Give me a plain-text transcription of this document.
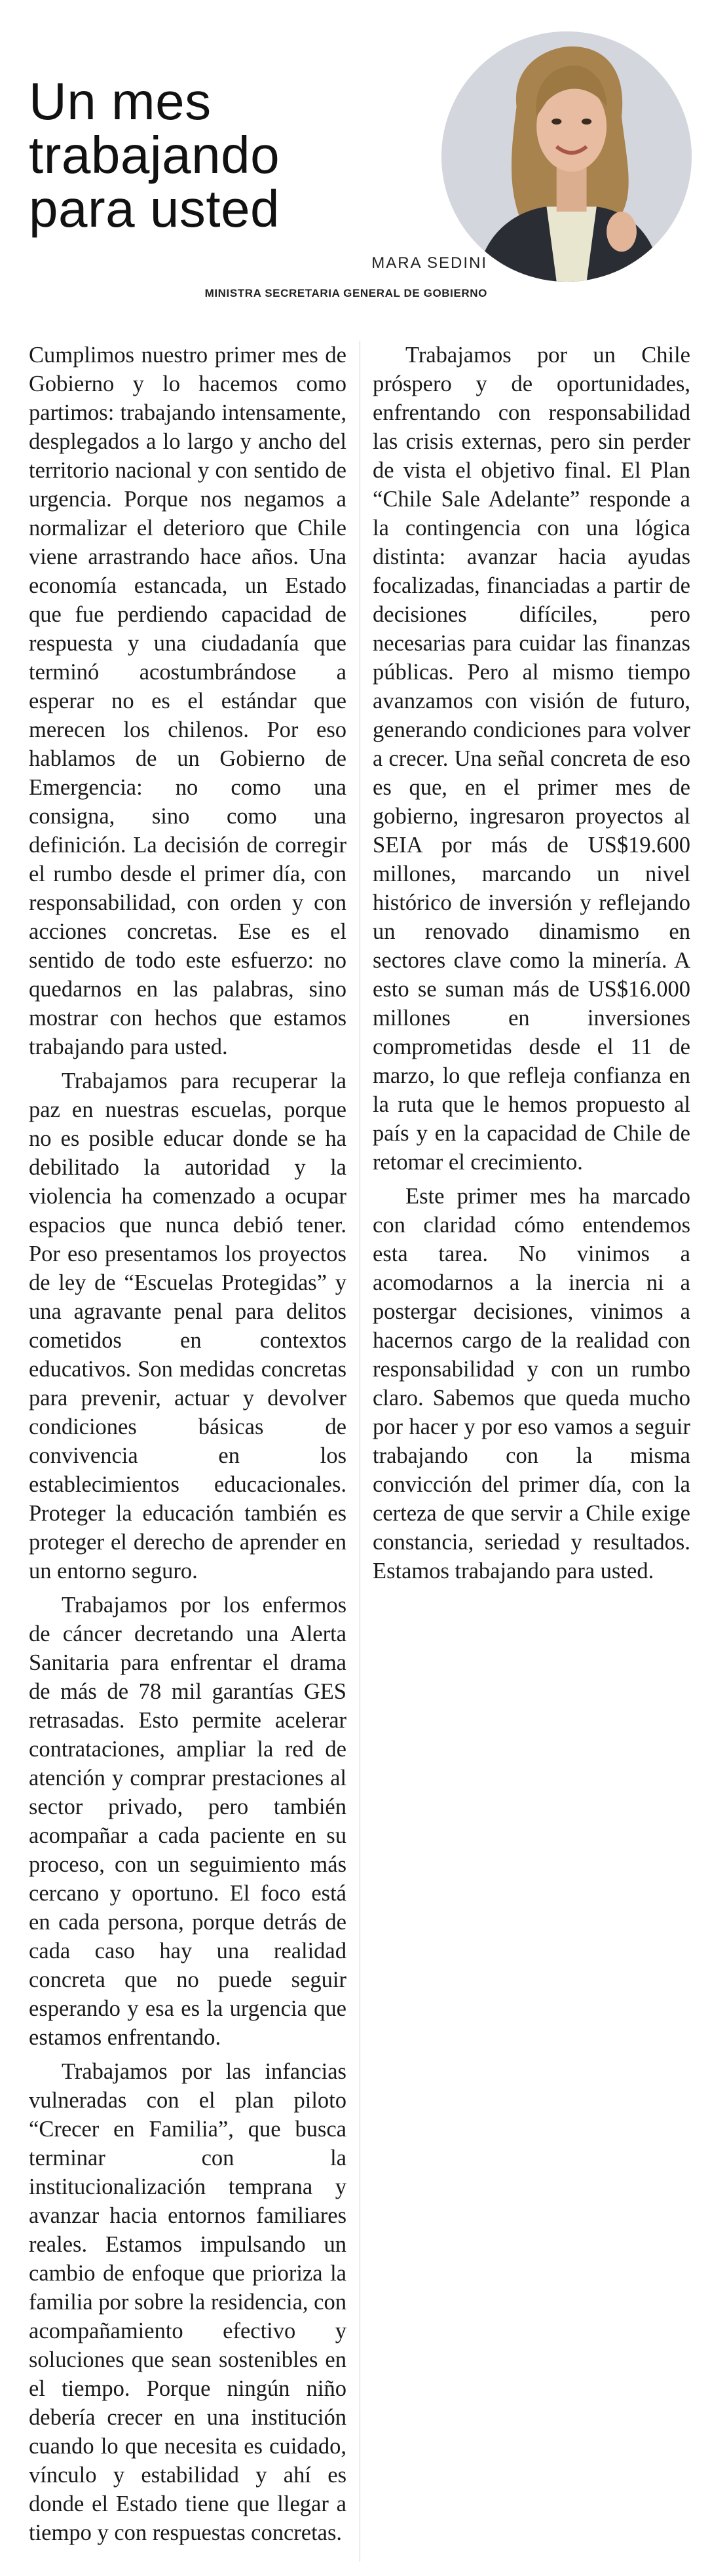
Un mes
trabajando
para usted
MARA SEDINI
MINISTRA SECRETARIA GENERAL DE GOBIERNO

Cumplimos nuestro primer mes de Gobierno y lo hacemos como partimos: trabajando intensamente, desplegados a lo largo y ancho del territorio nacional y con sentido de urgencia. Porque nos negamos a normalizar el deterioro que Chile viene arrastrando hace años. Una economía estancada, un Estado que fue perdiendo capacidad de respuesta y una ciudadanía que terminó acostumbrándose a esperar no es el estándar que merecen los chilenos. Por eso hablamos de un Gobierno de Emergencia: no como una consigna, sino como una definición. La decisión de corregir el rumbo desde el primer día, con responsabilidad, con orden y con acciones concretas. Ese es el sentido de todo este esfuerzo: no quedarnos en las palabras, sino mostrar con hechos que estamos trabajando para usted.

Trabajamos para recuperar la paz en nuestras escuelas, porque no es posible educar donde se ha debilitado la autoridad y la violencia ha comenzado a ocupar espacios que nunca debió tener. Por eso presentamos los proyectos de ley de “Escuelas Protegidas” y una agravante penal para delitos cometidos en contextos educativos. Son medidas concretas para prevenir, actuar y devolver condiciones básicas de convivencia en los establecimientos educacionales. Proteger la educación también es proteger el derecho de aprender en un entorno seguro.

Trabajamos por los enfermos de cáncer decretando una Alerta Sanitaria para enfrentar el drama de más de 78 mil garantías GES retrasadas. Esto permite acelerar contrataciones, ampliar la red de atención y comprar prestaciones al sector privado, pero también acompañar a cada paciente en su proceso, con un seguimiento más cercano y oportuno. El foco está en cada persona, porque detrás de cada caso hay una realidad concreta que no puede seguir esperando y esa es la urgencia que estamos enfrentando.

Trabajamos por las infancias vulneradas con el plan piloto “Crecer en Familia”, que busca terminar con la institucionalización temprana y avanzar hacia entornos familiares reales. Estamos impulsando un cambio de enfoque que prioriza la familia por sobre la residencia, con acompañamiento efectivo y soluciones que sean sostenibles en el tiempo. Porque ningún niño debería crecer en una institución cuando lo que necesita es cuidado, vínculo y estabilidad y ahí es donde el Estado tiene que llegar a tiempo y con respuestas concretas.

Trabajamos por un Chile próspero y de oportunidades, enfrentando con responsabilidad las crisis externas, pero sin perder de vista el objetivo final. El Plan “Chile Sale Adelante” responde a la contingencia con una lógica distinta: avanzar hacia ayudas focalizadas, financiadas a partir de decisiones difíciles, pero necesarias para cuidar las finanzas públicas. Pero al mismo tiempo avanzamos con visión de futuro, generando condiciones para volver a crecer. Una señal concreta de eso es que, en el primer mes de gobierno, ingresaron proyectos al SEIA por más de US$19.600 millones, marcando un nivel histórico de inversión y reflejando un renovado dinamismo en sectores clave como la minería. A esto se suman más de US$16.000 millones en inversiones comprometidas desde el 11 de marzo, lo que refleja confianza en la ruta que le hemos propuesto al país y en la capacidad de Chile de retomar el crecimiento.

Este primer mes ha marcado con claridad cómo entendemos esta tarea. No vinimos a acomodarnos a la inercia ni a postergar decisiones, vinimos a hacernos cargo de la realidad con responsabilidad y con un rumbo claro. Sabemos que queda mucho por hacer y por eso vamos a seguir trabajando con la misma convicción del primer día, con la certeza de que servir a Chile exige constancia, seriedad y resultados. Estamos trabajando para usted.
